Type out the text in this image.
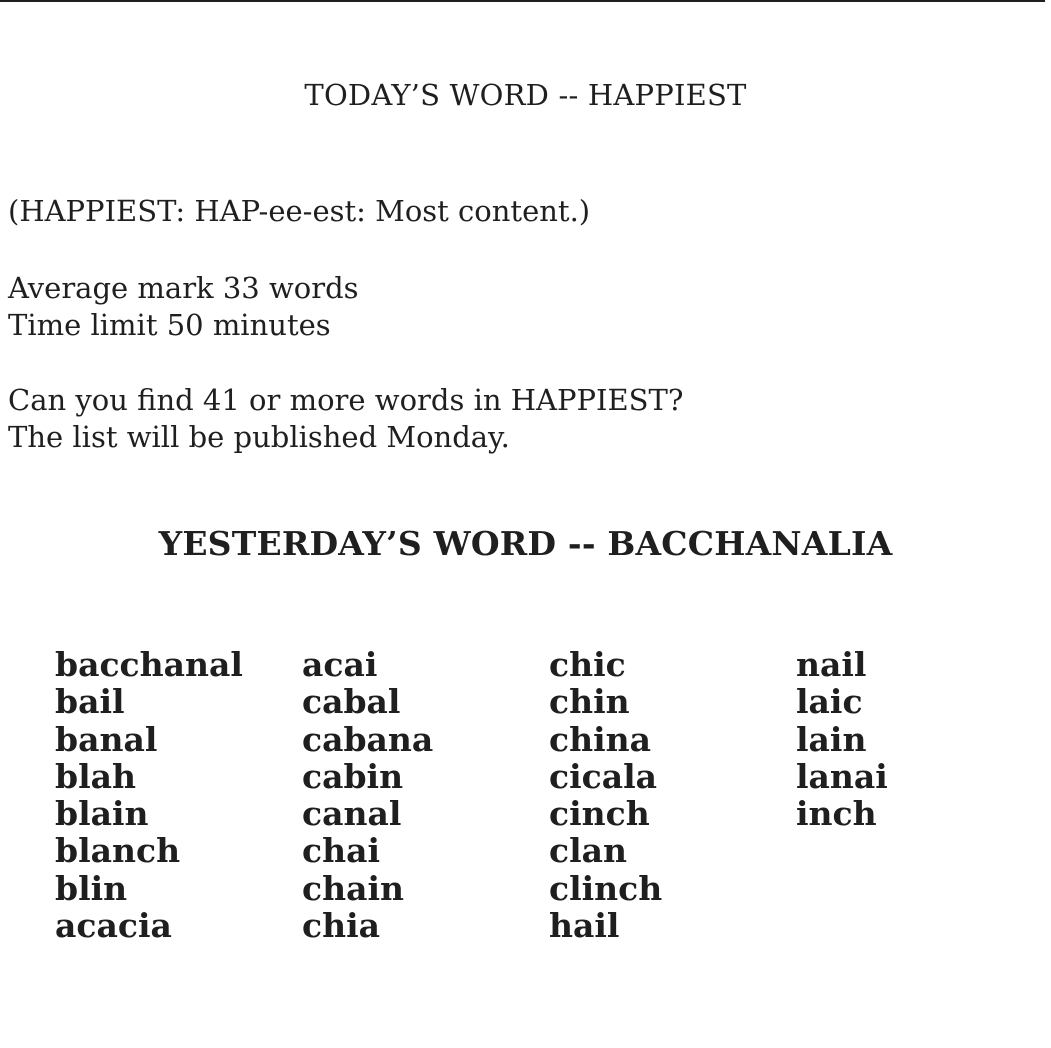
TODAY’S WORD -- HAPPIEST
(HAPPIEST: HAP-ee-est: Most content.)
Average mark 33 words
Time limit 50 minutes
Can you find 41 or more words in HAPPIEST?
The list will be published Monday.
YESTERDAY’S WORD -- BACCHANALIA
bacchanal
bail
banal
blah
blain
blanch
blin
acacia
acai
cabal
cabana
cabin
canal
chai
chain
chia
chic
chin
china
cicala
cinch
clan
clinch
hail
nail
laic
lain
lanai
inch
